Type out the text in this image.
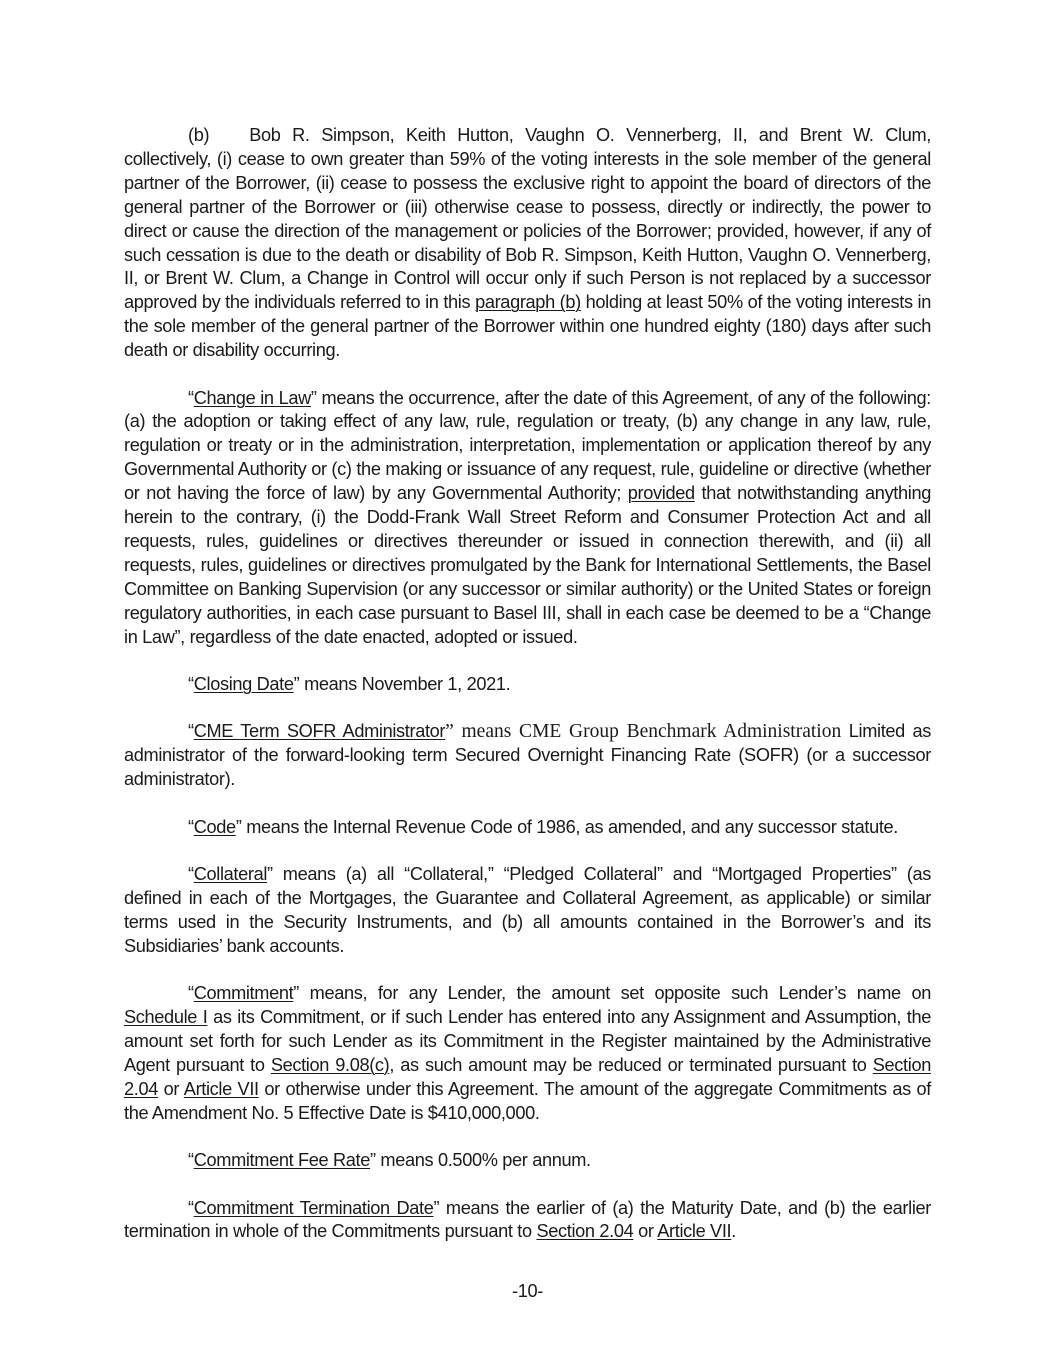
(b) Bob R. Simpson, Keith Hutton, Vaughn O. Vennerberg, II, and Brent W. Clum, collectively, (i) cease to own greater than 59% of the voting interests in the sole member of the general partner of the Borrower, (ii) cease to possess the exclusive right to appoint the board of directors of the general partner of the Borrower or (iii) otherwise cease to possess, directly or indirectly, the power to direct or cause the direction of the management or policies of the Borrower; provided, however, if any of such cessation is due to the death or disability of Bob R. Simpson, Keith Hutton, Vaughn O. Vennerberg, II, or Brent W. Clum, a Change in Control will occur only if such Person is not replaced by a successor approved by the individuals referred to in this paragraph (b) holding at least 50% of the voting interests in the sole member of the general partner of the Borrower within one hundred eighty (180) days after such death or disability occurring.

“Change in Law” means the occurrence, after the date of this Agreement, of any of the following: (a) the adoption or taking effect of any law, rule, regulation or treaty, (b) any change in any law, rule, regulation or treaty or in the administration, interpretation, implementation or application thereof by any Governmental Authority or (c) the making or issuance of any request, rule, guideline or directive (whether or not having the force of law) by any Governmental Authority; provided that notwithstanding anything herein to the contrary, (i) the Dodd-Frank Wall Street Reform and Consumer Protection Act and all requests, rules, guidelines or directives thereunder or issued in connection therewith, and (ii) all requests, rules, guidelines or directives promulgated by the Bank for International Settlements, the Basel Committee on Banking Supervision (or any successor or similar authority) or the United States or foreign regulatory authorities, in each case pursuant to Basel III, shall in each case be deemed to be a “Change in Law”, regardless of the date enacted, adopted or issued.

“Closing Date” means November 1, 2021.

“CME Term SOFR Administrator” means CME Group Benchmark Administration Limited as administrator of the forward-looking term Secured Overnight Financing Rate (SOFR) (or a successor administrator).

“Code” means the Internal Revenue Code of 1986, as amended, and any successor statute.

“Collateral” means (a) all “Collateral,” “Pledged Collateral” and “Mortgaged Properties” (as defined in each of the Mortgages, the Guarantee and Collateral Agreement, as applicable) or similar terms used in the Security Instruments, and (b) all amounts contained in the Borrower’s and its Subsidiaries’ bank accounts.

“Commitment” means, for any Lender, the amount set opposite such Lender’s name on Schedule I as its Commitment, or if such Lender has entered into any Assignment and Assumption, the amount set forth for such Lender as its Commitment in the Register maintained by the Administrative Agent pursuant to Section 9.08(c), as such amount may be reduced or terminated pursuant to Section 2.04 or Article VII or otherwise under this Agreement. The amount of the aggregate Commitments as of the Amendment No. 5 Effective Date is $410,000,000.

“Commitment Fee Rate” means 0.500% per annum.

“Commitment Termination Date” means the earlier of (a) the Maturity Date, and (b) the earlier termination in whole of the Commitments pursuant to Section 2.04 or Article VII.

-10-
